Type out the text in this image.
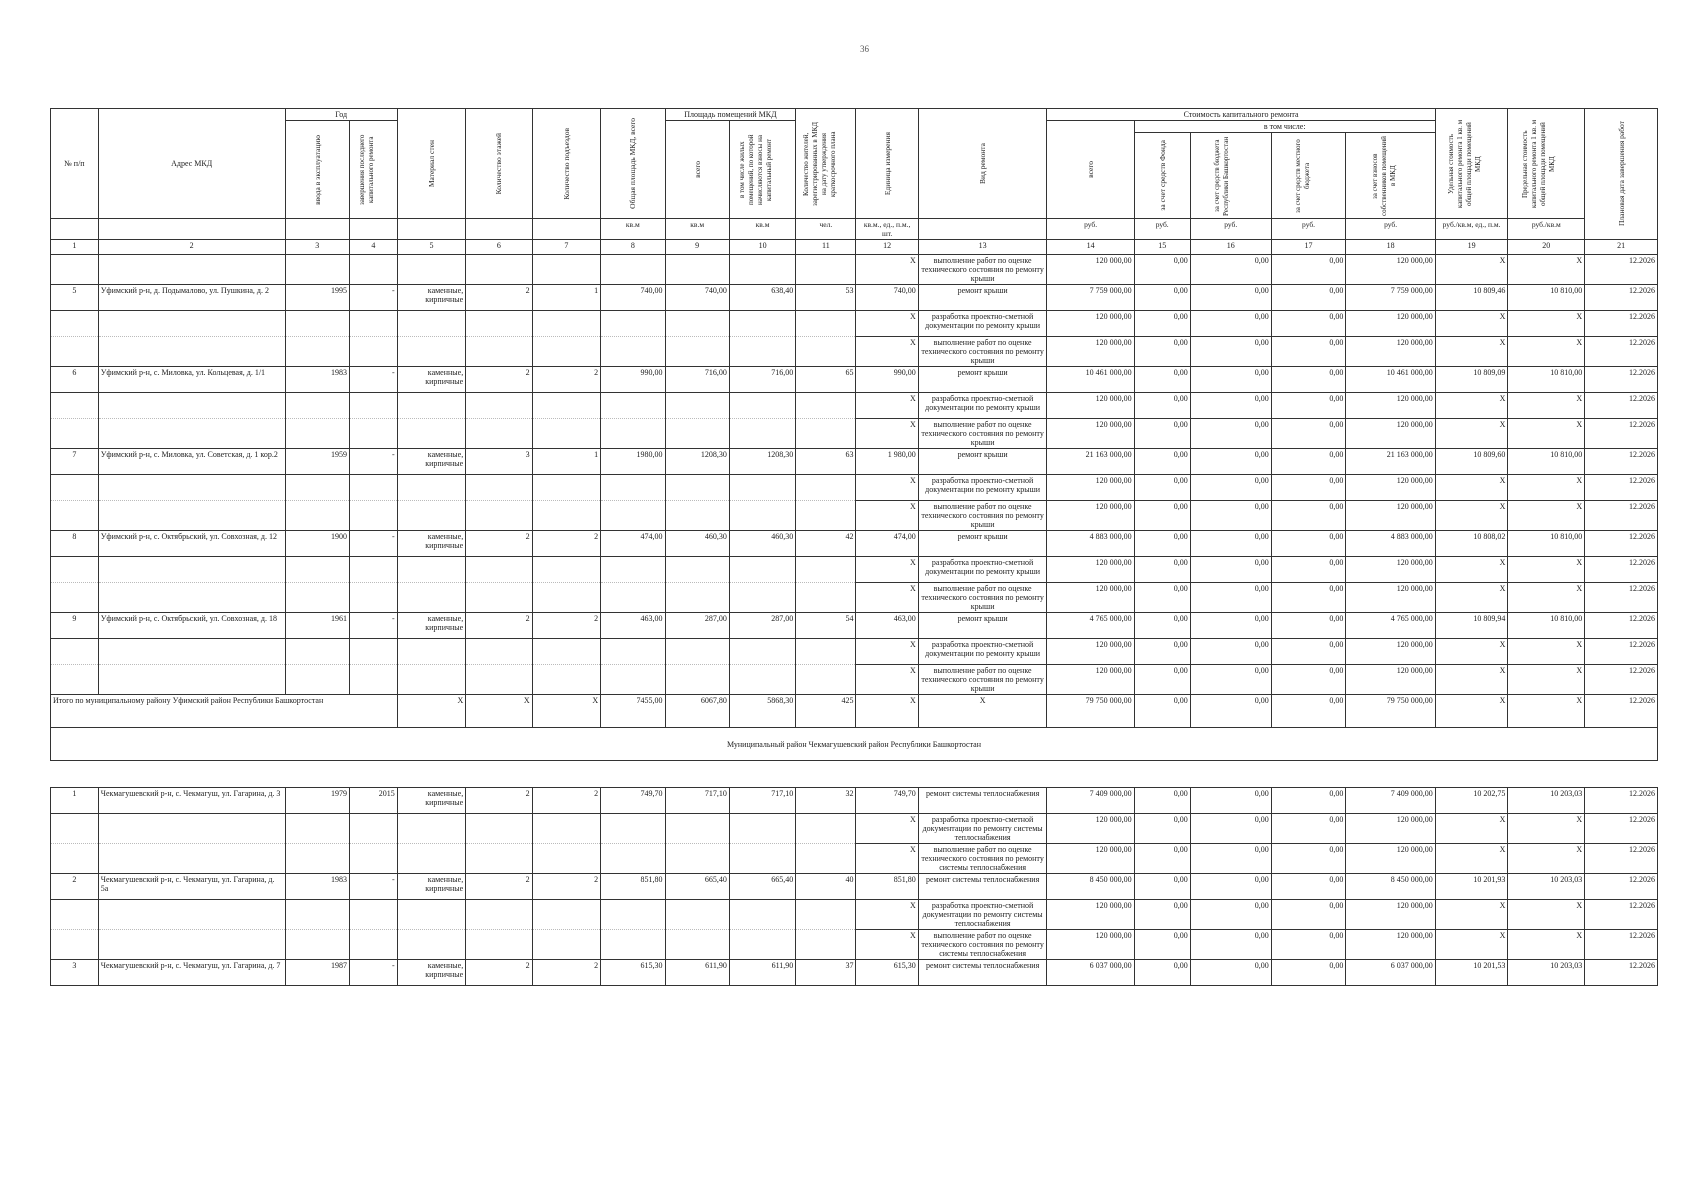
36
№ п/п	Адрес МКД	Год		Материал стен	Количество этажей	Количество подъездов	Общая площадь МКД, всего	Площадь помещений МКД		Количество жителей, зарегистрированных в МКД на дату утверждения краткосрочного плана	Единица измерения	Вид ремонта	Стоимость капитального ремонта					Удельная стоимость капитального ремонта 1 кв. м общей площади помещений МКД	Предельная стоимость капитального ремонта 1 кв. м общей площади помещений МКД	Плановая дата завершения работ

		ввода в эксплуатацию	завершения последнего капитального ремонта					всего	в том числе жилых помещений, по которой начисляются взносы на капитальный ремонт				всего	в том числе:						

														за счет средств Фонда	за счет средств бюджета Республики Башкортостан	за счет средств местного бюджета	за счет взносов собственников помещений в МКД			

							кв.м	кв.м	кв.м	чел.	кв.м., ед., п.м., шт.		руб.	руб.	руб.	руб.	руб.	руб./кв.м, ед., п.м.	руб./кв.м	
1	2	3	4	5	6	7	8	9	10	11	12	13	14	15	16	17	18	19	20	21
											X	выполнение работ по оценке технического состояния по ремонту крыши	120 000,00	0,00	0,00	0,00	120 000,00	X	X	12.2026
5	Уфимский р-н, д. Подымалово, ул. Пушкина, д. 2	1995	-	каменные, кирпичные	2	1	740,00	740,00	638,40	53	740,00	ремонт крыши	7 759 000,00	0,00	0,00	0,00	7 759 000,00	10 809,46	10 810,00	12.2026
											X	разработка проектно-сметной документации по ремонту крыши	120 000,00	0,00	0,00	0,00	120 000,00	X	X	12.2026
											X	выполнение работ по оценке технического состояния по ремонту крыши	120 000,00	0,00	0,00	0,00	120 000,00	X	X	12.2026
6	Уфимский р-н, с. Миловка, ул. Кольцевая, д. 1/1	1983	-	каменные, кирпичные	2	2	990,00	716,00	716,00	65	990,00	ремонт крыши	10 461 000,00	0,00	0,00	0,00	10 461 000,00	10 809,09	10 810,00	12.2026
											X	разработка проектно-сметной документации по ремонту крыши	120 000,00	0,00	0,00	0,00	120 000,00	X	X	12.2026
											X	выполнение работ по оценке технического состояния по ремонту крыши	120 000,00	0,00	0,00	0,00	120 000,00	X	X	12.2026
7	Уфимский р-н, с. Миловка, ул. Советская, д. 1 кор.2	1959	-	каменные, кирпичные	3	1	1980,00	1208,30	1208,30	63	1 980,00	ремонт крыши	21 163 000,00	0,00	0,00	0,00	21 163 000,00	10 809,60	10 810,00	12.2026
											X	разработка проектно-сметной документации по ремонту крыши	120 000,00	0,00	0,00	0,00	120 000,00	X	X	12.2026
											X	выполнение работ по оценке технического состояния по ремонту крыши	120 000,00	0,00	0,00	0,00	120 000,00	X	X	12.2026
8	Уфимский р-н, с. Октябрьский, ул. Совхозная, д. 12	1900	-	каменные, кирпичные	2	2	474,00	460,30	460,30	42	474,00	ремонт крыши	4 883 000,00	0,00	0,00	0,00	4 883 000,00	10 808,02	10 810,00	12.2026
											X	разработка проектно-сметной документации по ремонту крыши	120 000,00	0,00	0,00	0,00	120 000,00	X	X	12.2026
											X	выполнение работ по оценке технического состояния по ремонту крыши	120 000,00	0,00	0,00	0,00	120 000,00	X	X	12.2026
9	Уфимский р-н, с. Октябрьский, ул. Совхозная, д. 18	1961	-	каменные, кирпичные	2	2	463,00	287,00	287,00	54	463,00	ремонт крыши	4 765 000,00	0,00	0,00	0,00	4 765 000,00	10 809,94	10 810,00	12.2026
											X	разработка проектно-сметной документации по ремонту крыши	120 000,00	0,00	0,00	0,00	120 000,00	X	X	12.2026
											X	выполнение работ по оценке технического состояния по ремонту крыши	120 000,00	0,00	0,00	0,00	120 000,00	X	X	12.2026
Итого по муниципальному району Уфимский район Республики Башкортостан				X	X	X	7455,00	6067,80	5868,30	425	X	X	79 750 000,00	0,00	0,00	0,00	79 750 000,00	X	X	12.2026
Муниципальный район Чекмагушевский район Республики Башкортостан																				

1	Чекмагушевский р-н, с. Чекмагуш, ул. Гагарина, д. 3	1979	2015	каменные, кирпичные	2	2	749,70	717,10	717,10	32	749,70	ремонт системы теплоснабжения	7 409 000,00	0,00	0,00	0,00	7 409 000,00	10 202,75	10 203,03	12.2026
											X	разработка проектно-сметной документации по ремонту системы теплоснабжения	120 000,00	0,00	0,00	0,00	120 000,00	X	X	12.2026
											X	выполнение работ по оценке технического состояния по ремонту системы теплоснабжения	120 000,00	0,00	0,00	0,00	120 000,00	X	X	12.2026
2	Чекмагушевский р-н, с. Чекмагуш, ул. Гагарина, д. 5а	1983	-	каменные, кирпичные	2	2	851,80	665,40	665,40	40	851,80	ремонт системы теплоснабжения	8 450 000,00	0,00	0,00	0,00	8 450 000,00	10 201,93	10 203,03	12.2026
											X	разработка проектно-сметной документации по ремонту системы теплоснабжения	120 000,00	0,00	0,00	0,00	120 000,00	X	X	12.2026
											X	выполнение работ по оценке технического состояния по ремонту системы теплоснабжения	120 000,00	0,00	0,00	0,00	120 000,00	X	X	12.2026
3	Чекмагушевский р-н, с. Чекмагуш, ул. Гагарина, д. 7	1987	-	каменные, кирпичные	2	2	615,30	611,90	611,90	37	615,30	ремонт системы теплоснабжения	6 037 000,00	0,00	0,00	0,00	6 037 000,00	10 201,53	10 203,03	12.2026
